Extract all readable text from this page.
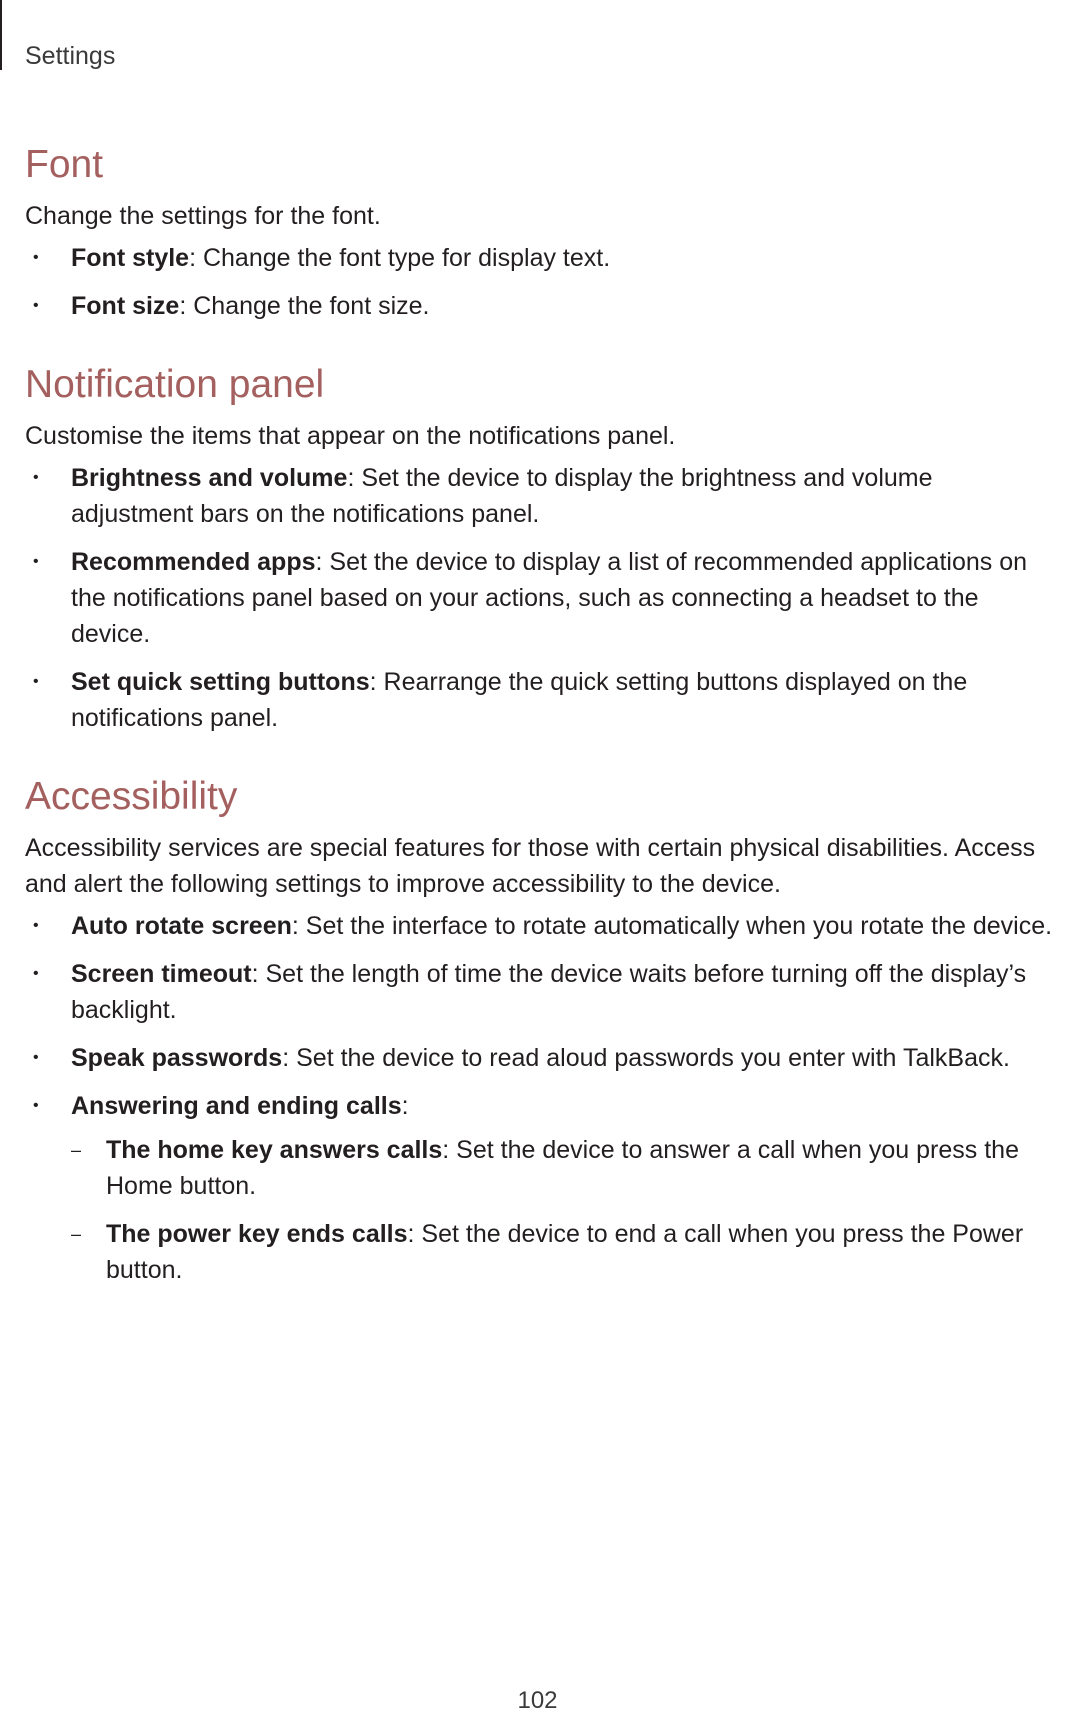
Settings
Font

Change the settings for the font.

• Font style: Change the font type for display text.
• Font size: Change the font size.
Notification panel

Customise the items that appear on the notifications panel.

• Brightness and volume: Set the device to display the brightness and volume adjustment bars on the notifications panel.
• Recommended apps: Set the device to display a list of recommended applications on the notifications panel based on your actions, such as connecting a headset to the device.
• Set quick setting buttons: Rearrange the quick setting buttons displayed on the notifications panel.
Accessibility

Accessibility services are special features for those with certain physical disabilities. Access and alert the following settings to improve accessibility to the device.

• Auto rotate screen: Set the interface to rotate automatically when you rotate the device.
• Screen timeout: Set the length of time the device waits before turning off the display’s backlight.
• Speak passwords: Set the device to read aloud passwords you enter with TalkBack.
• Answering and ending calls:
– The home key answers calls: Set the device to answer a call when you press the Home button.
– The power key ends calls: Set the device to end a call when you press the Power button.
102
